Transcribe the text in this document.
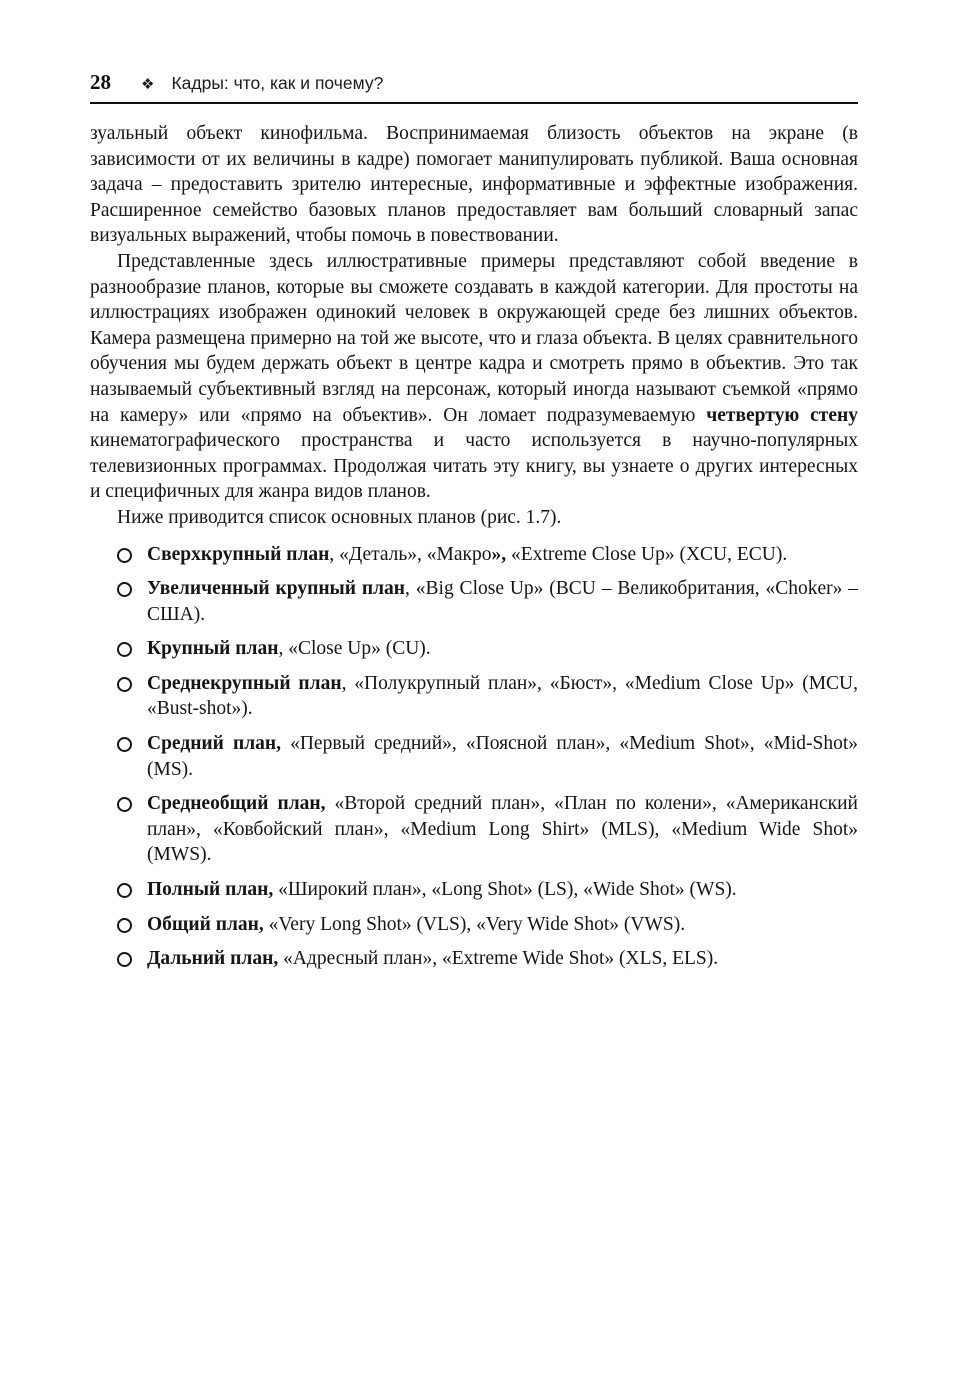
28 ❖ Кадры: что, как и почему?

зуальный объект кинофильма. Воспринимаемая близость объектов на экране (в зависимости от их величины в кадре) помогает манипулировать публикой. Ваша основная задача – предоставить зрителю интересные, информативные и эффектные изображения. Расширенное семейство базовых планов предоставляет вам больший словарный запас визуальных выражений, чтобы помочь в повествовании.

Представленные здесь иллюстративные примеры представляют собой введение в разнообразие планов, которые вы сможете создавать в каждой категории. Для простоты на иллюстрациях изображен одинокий человек в окружающей среде без лишних объектов. Камера размещена примерно на той же высоте, что и глаза объекта. В целях сравнительного обучения мы будем держать объект в центре кадра и смотреть прямо в объектив. Это так называемый субъективный взгляд на персонаж, который иногда называют съемкой «прямо на камеру» или «прямо на объектив». Он ломает подразумеваемую четвертую стену кинематографического пространства и часто используется в научно-популярных телевизионных программах. Продолжая читать эту книгу, вы узнаете о других интересных и специфичных для жанра видов планов.

Ниже приводится список основных планов (рис. 1.7).

Сверхкрупный план, «Деталь», «Макро», «Extreme Close Up» (XCU, ECU).
Увеличенный крупный план, «Big Close Up» (BCU – Великобритания, «Choker» – США).
Крупный план, «Close Up» (CU).
Среднекрупный план, «Полукрупный план», «Бюст», «Medium Close Up» (MCU, «Bust-shot»).
Средний план, «Первый средний», «Поясной план», «Medium Shot», «Mid-Shot» (MS).
Среднеобщий план, «Второй средний план», «План по колени», «Американский план», «Ковбойский план», «Medium Long Shirt» (MLS), «Medium Wide Shot» (MWS).
Полный план, «Широкий план», «Long Shot» (LS), «Wide Shot» (WS).
Общий план, «Very Long Shot» (VLS), «Very Wide Shot» (VWS).
Дальний план, «Адресный план», «Extreme Wide Shot» (XLS, ELS).
